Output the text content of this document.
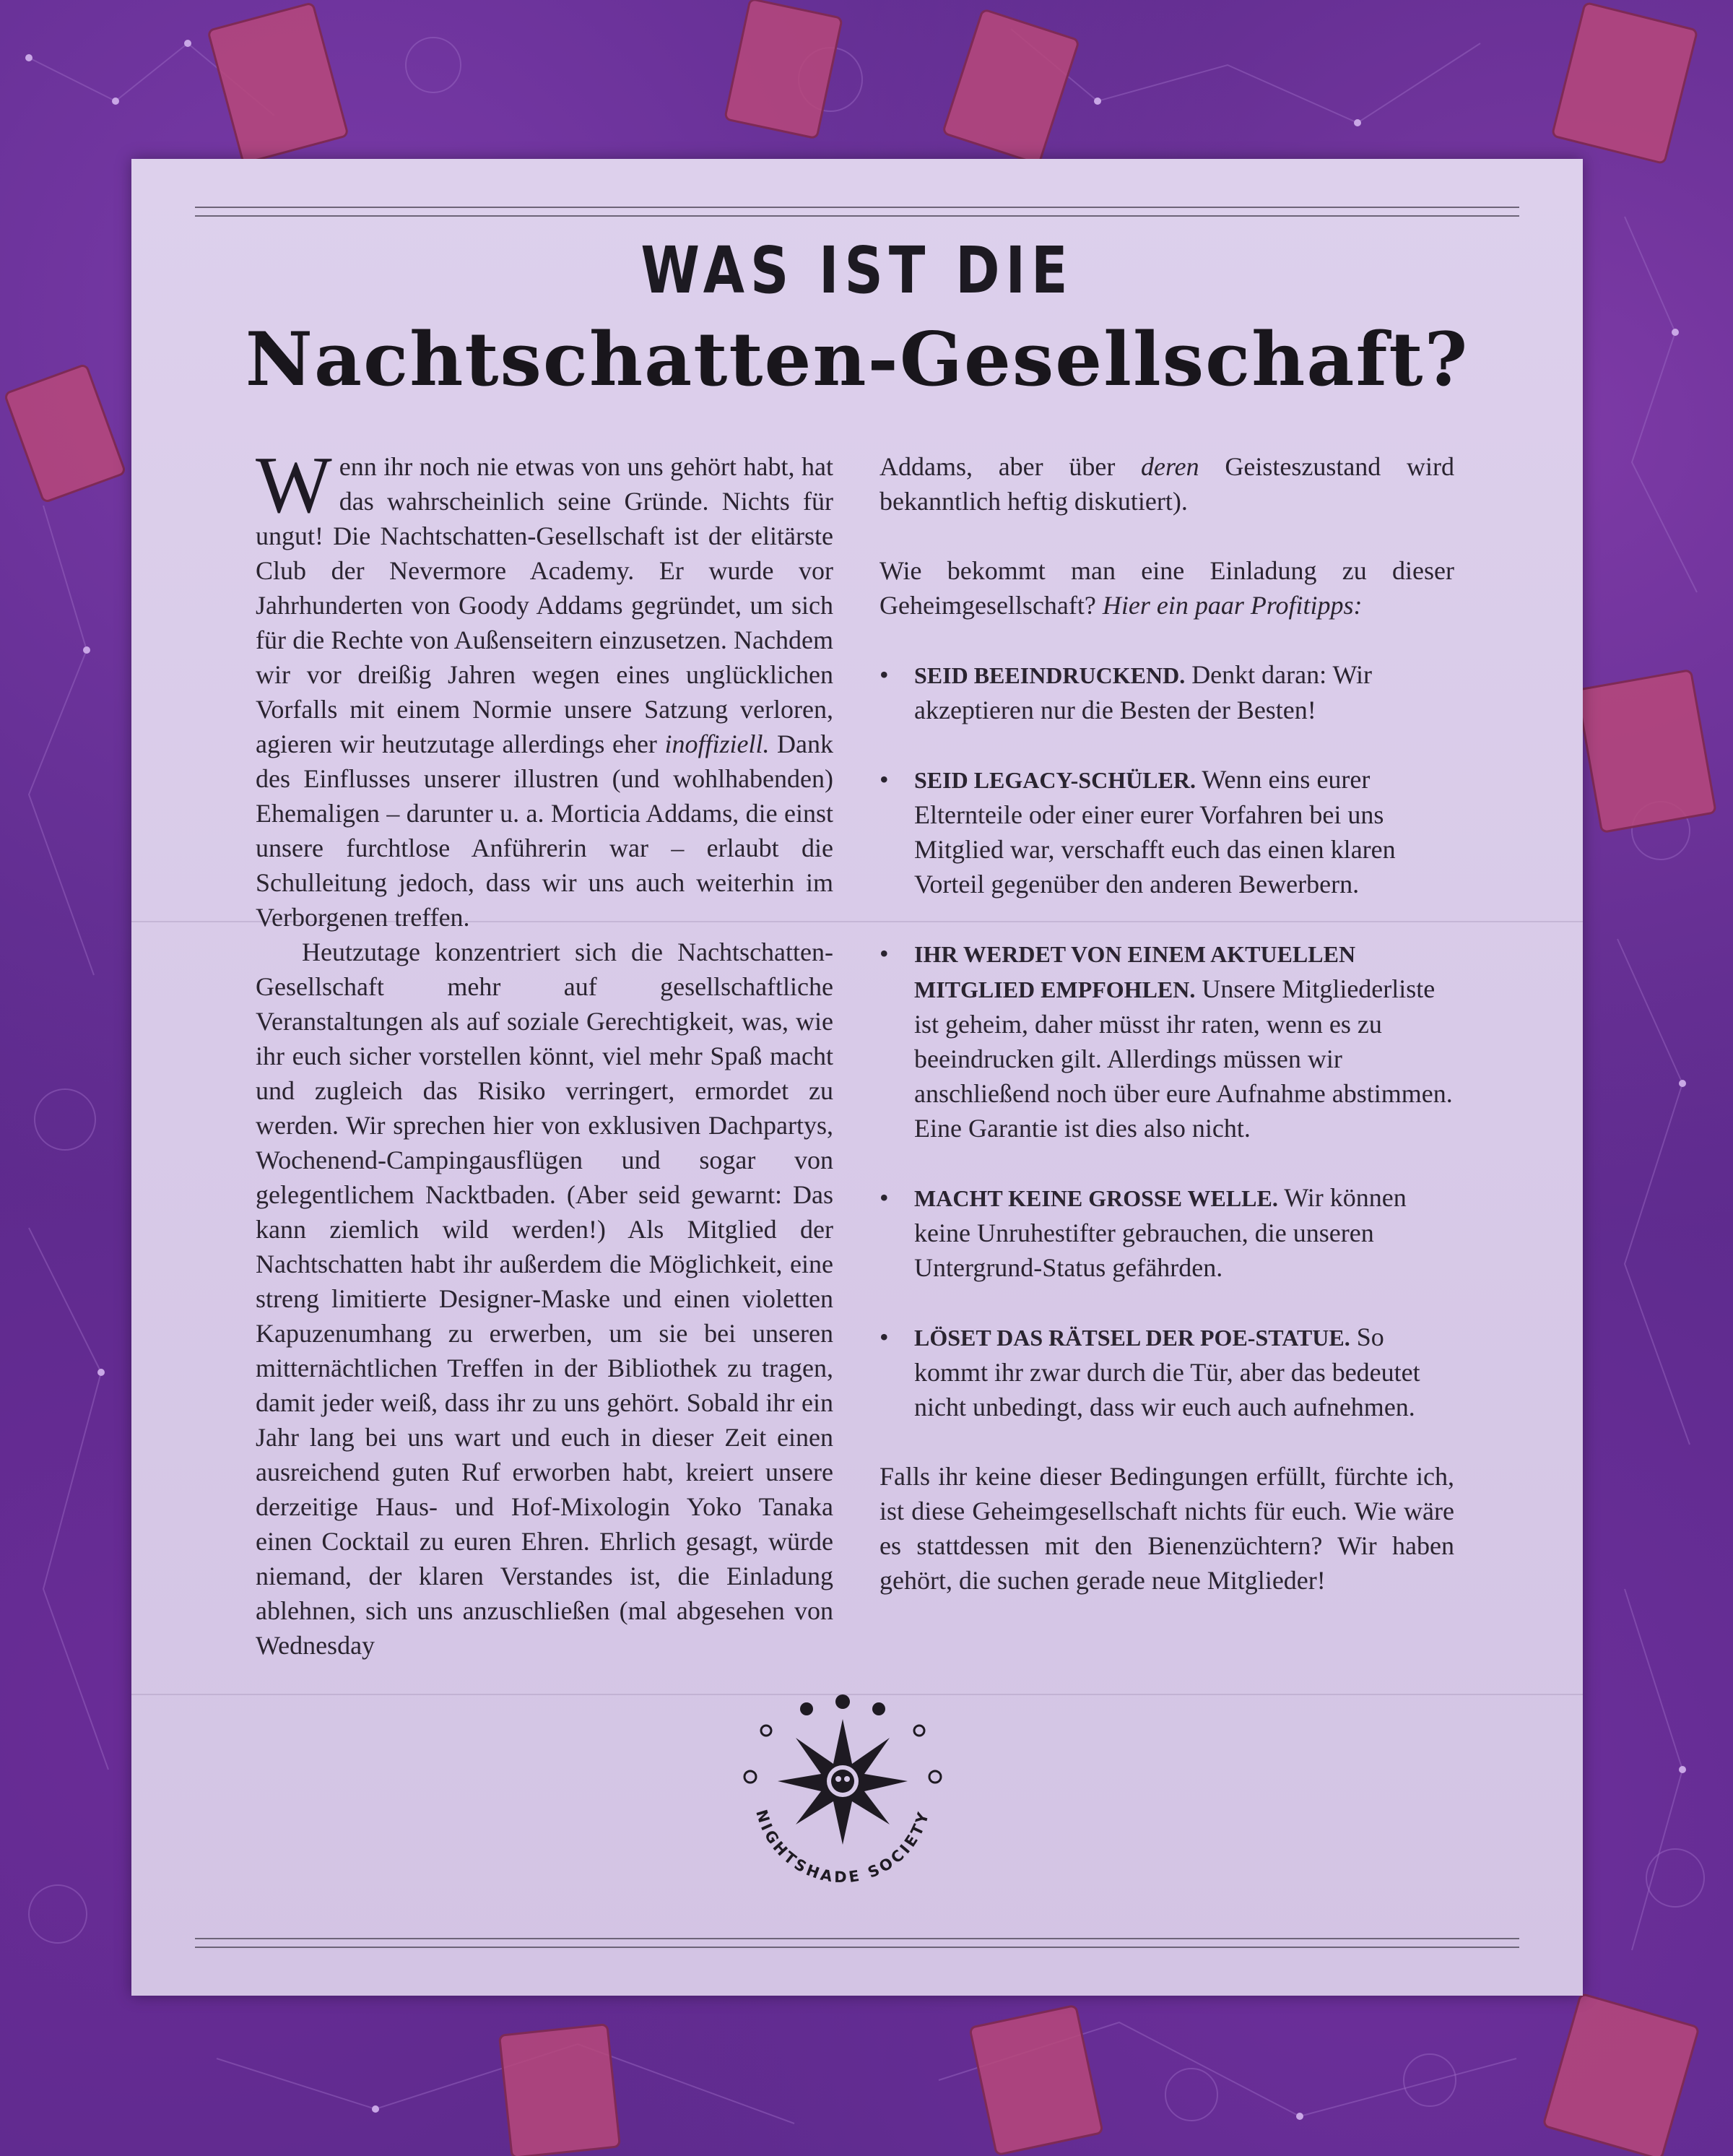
WAS IST DIE
Nachtschatten-Gesellschaft?

Wenn ihr noch nie etwas von uns gehört habt, hat das wahrscheinlich seine Gründe. Nichts für ungut! Die Nachtschatten-Gesellschaft ist der elitärste Club der Nevermore Academy. Er wurde vor Jahrhunderten von Goody Addams gegründet, um sich für die Rechte von Außenseitern einzusetzen. Nachdem wir vor dreißig Jahren wegen eines unglücklichen Vorfalls mit einem Normie unsere Satzung verloren, agieren wir heutzutage allerdings eher inoffiziell. Dank des Einflusses unserer illustren (und wohlhabenden) Ehemaligen – darunter u. a. Morticia Addams, die einst unsere furchtlose Anführerin war – erlaubt die Schulleitung jedoch, dass wir uns auch weiterhin im Verborgenen treffen.

Heutzutage konzentriert sich die Nachtschatten-Gesellschaft mehr auf gesellschaftliche Veranstaltungen als auf soziale Gerechtigkeit, was, wie ihr euch sicher vorstellen könnt, viel mehr Spaß macht und zugleich das Risiko verringert, ermordet zu werden. Wir sprechen hier von exklusiven Dachpartys, Wochenend-Campingausflügen und sogar von gelegentlichem Nacktbaden. (Aber seid gewarnt: Das kann ziemlich wild werden!) Als Mitglied der Nachtschatten habt ihr außerdem die Möglichkeit, eine streng limitierte Designer-Maske und einen violetten Kapuzenumhang zu erwerben, um sie bei unseren mitternächtlichen Treffen in der Bibliothek zu tragen, damit jeder weiß, dass ihr zu uns gehört. Sobald ihr ein Jahr lang bei uns wart und euch in dieser Zeit einen ausreichend guten Ruf erworben habt, kreiert unsere derzeitige Haus- und Hof-Mixologin Yoko Tanaka einen Cocktail zu euren Ehren. Ehrlich gesagt, würde niemand, der klaren Verstandes ist, die Einladung ablehnen, sich uns anzuschließen (mal abgesehen von Wednesday

Addams, aber über deren Geisteszustand wird bekanntlich heftig diskutiert).

Wie bekommt man eine Einladung zu dieser Geheimgesellschaft? Hier ein paar Profitipps:

• SEID BEEINDRUCKEND. Denkt daran: Wir akzeptieren nur die Besten der Besten!

• SEID LEGACY-SCHÜLER. Wenn eins eurer Elternteile oder einer eurer Vorfahren bei uns Mitglied war, verschafft euch das einen klaren Vorteil gegenüber den anderen Bewerbern.

• IHR WERDET VON EINEM AKTUELLEN MITGLIED EMPFOHLEN. Unsere Mitgliederliste ist geheim, daher müsst ihr raten, wenn es zu beeindrucken gilt. Allerdings müssen wir anschließend noch über eure Aufnahme abstimmen. Eine Garantie ist dies also nicht.

• MACHT KEINE GROSSE WELLE. Wir können keine Unruhestifter gebrauchen, die unseren Untergrund-Status gefährden.

• LÖSET DAS RÄTSEL DER POE-STATUE. So kommt ihr zwar durch die Tür, aber das bedeutet nicht unbedingt, dass wir euch auch aufnehmen.

Falls ihr keine dieser Bedingungen erfüllt, fürchte ich, ist diese Geheimgesellschaft nichts für euch. Wie wäre es stattdessen mit den Bienenzüchtern? Wir haben gehört, die suchen gerade neue Mitglieder!

NIGHTSHADE SOCIETY
